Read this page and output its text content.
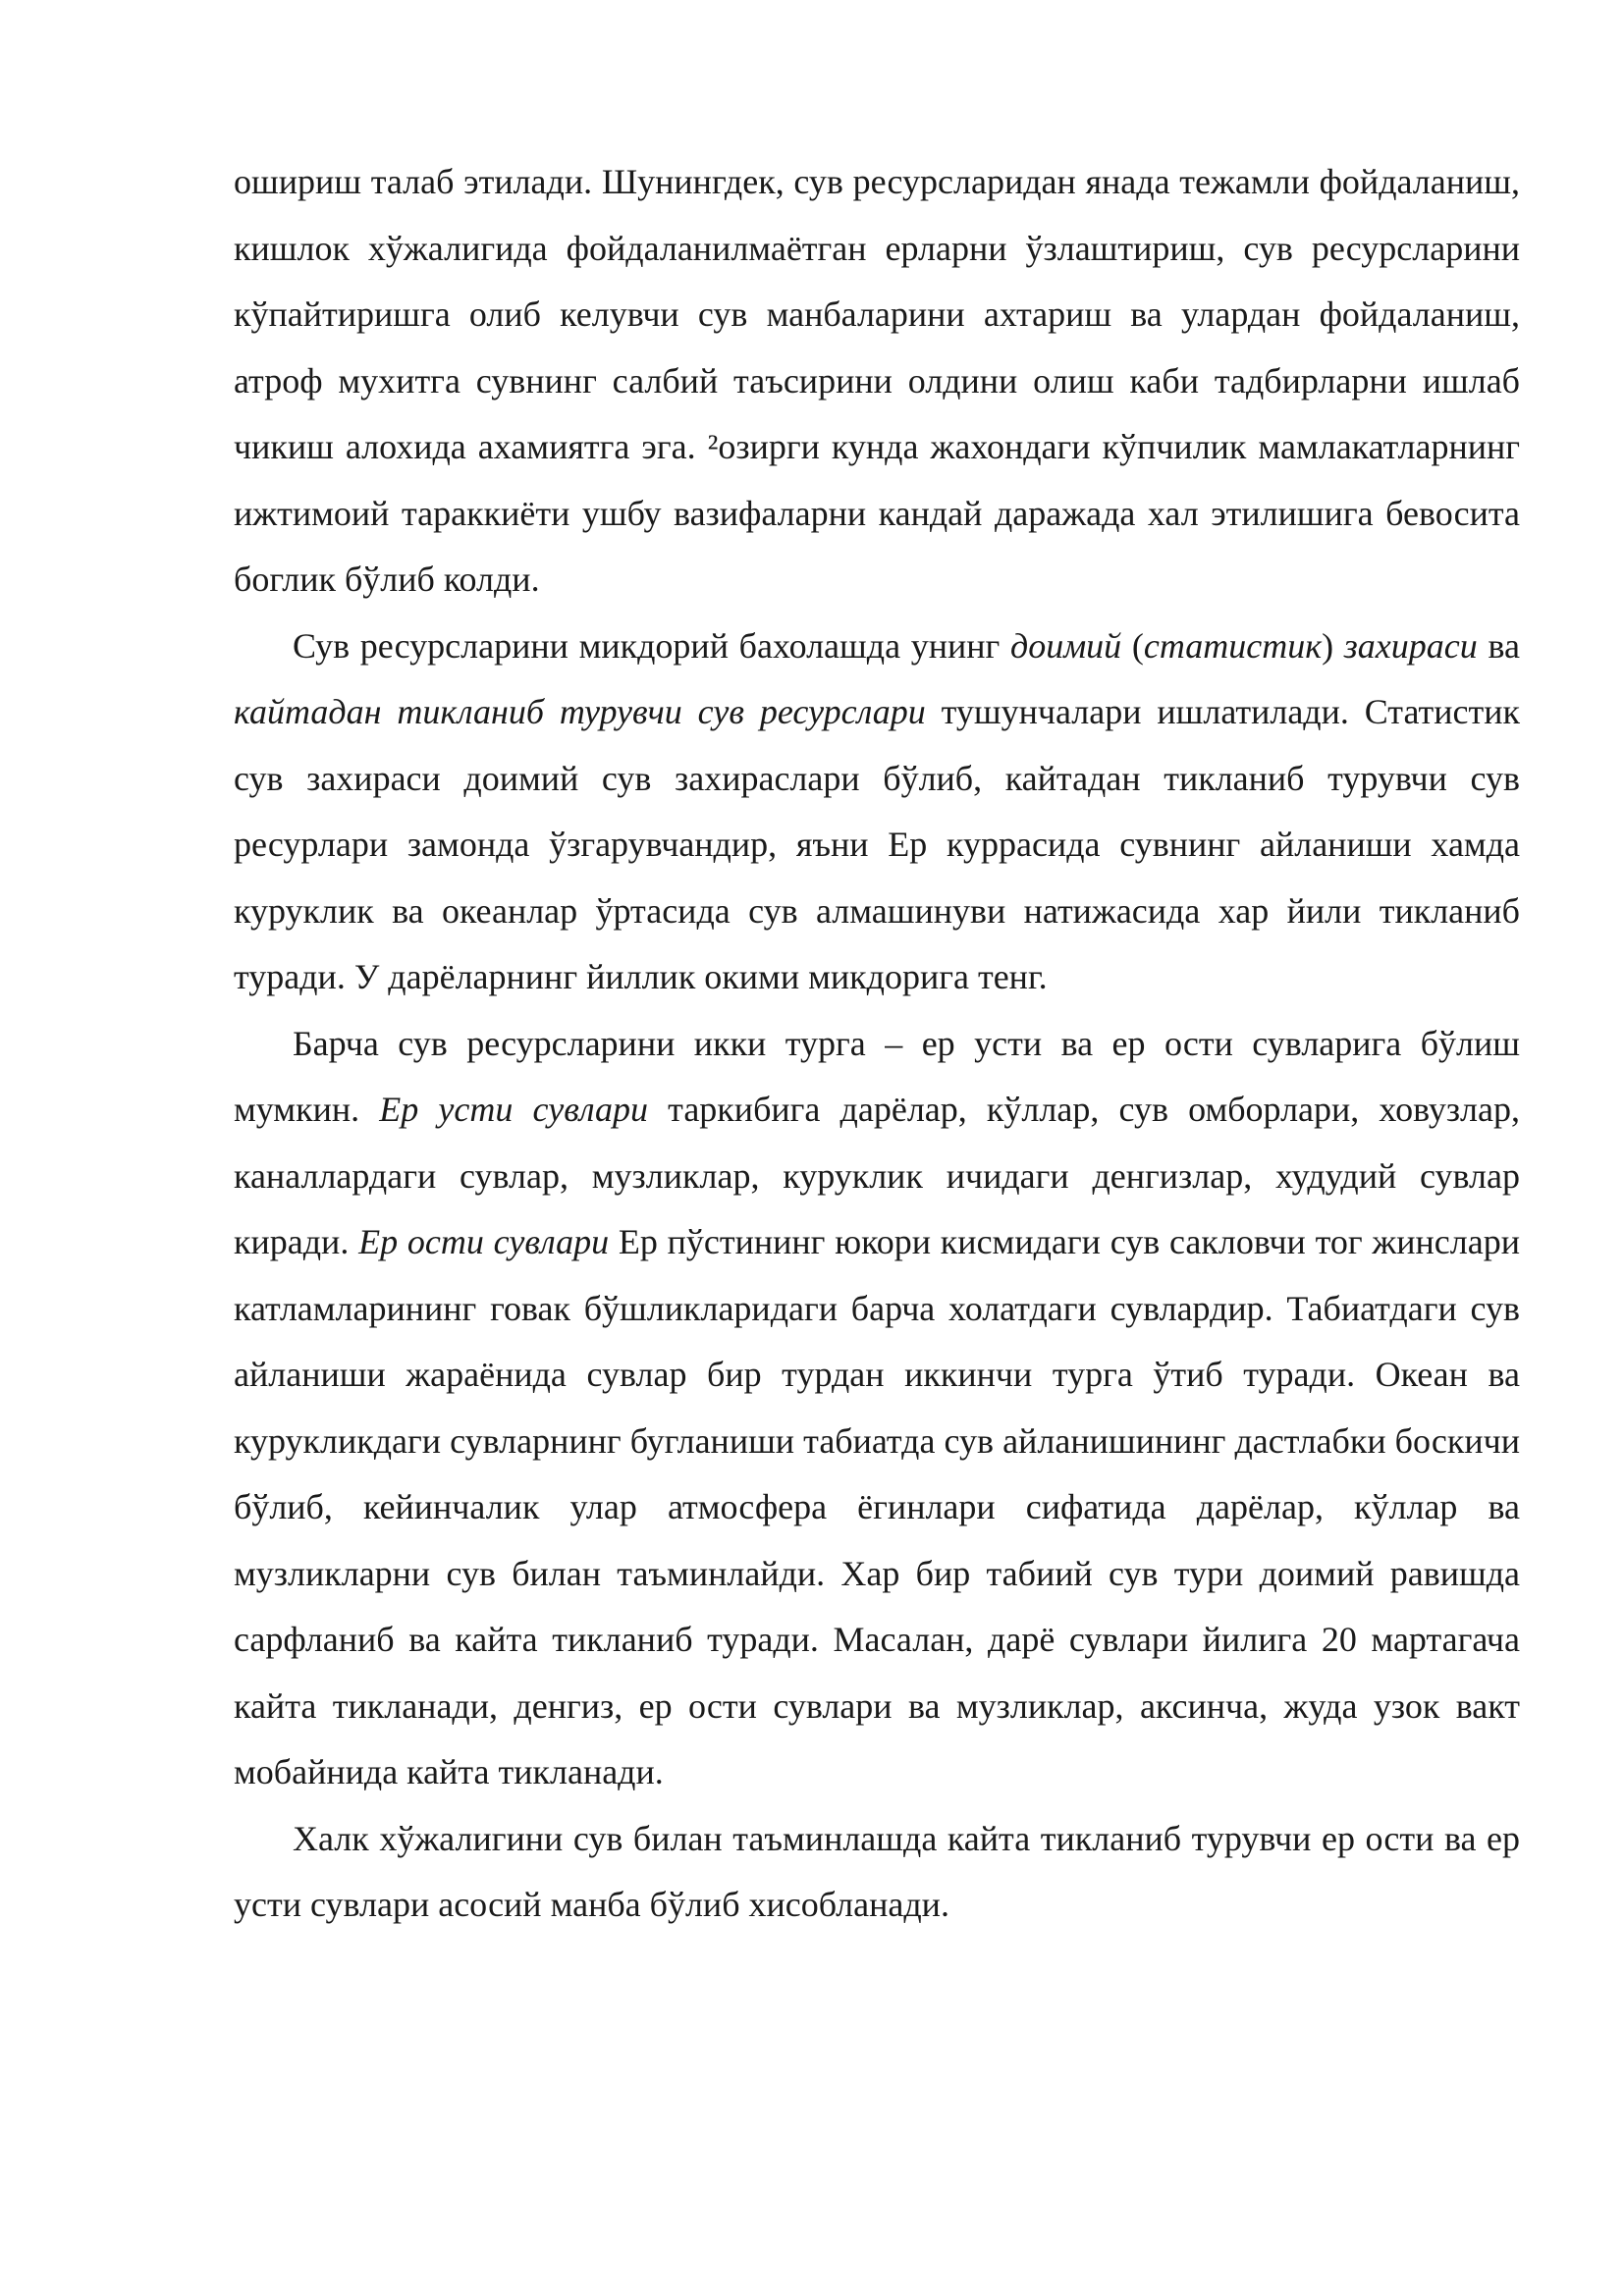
ошириш талаб этилади. Шунингдек, сув ресурсларидан янада тежамли фойдаланиш, кишлок хўжалигида фойдаланилмаётган ерларни ўзлаштириш, сув ресурсларини кўпайтиришга олиб келувчи сув манбаларини ахтариш ва улардан фойдаланиш, атроф мухитга сувнинг салбий таъсирини олдини олиш каби тадбирларни ишлаб чикиш алохида ахамиятга эга. ²озирги кунда жахондаги кўпчилик мамлакатларнинг ижтимоий тараккиёти ушбу вазифаларни кандай даражада хал этилишига бевосита боглик бўлиб колди.

Сув ресурсларини микдорий бахолашда унинг доимий (статистик) захираси ва кайтадан тикланиб турувчи сув ресурслари тушунчалари ишлатилади. Статистик сув захираси доимий сув захираслари бўлиб, кайтадан тикланиб турувчи сув ресурлари замонда ўзгарувчандир, яъни Ер куррасида сувнинг айланиши хамда куруклик ва океанлар ўртасида сув алмашинуви натижасида хар йили тикланиб туради. У дарёларнинг йиллик окими микдорига тенг.

Барча сув ресурсларини икки турга – ер усти ва ер ости сувларига бўлиш мумкин. Ер усти сувлари таркибига дарёлар, кўллар, сув омборлари, ховузлар, каналлардаги сувлар, музликлар, куруклик ичидаги денгизлар, худудий сувлар киради. Ер ости сувлари Ер пўстининг юкори кисмидаги сув сакловчи тог жинслари катламларининг говак бўшликларидаги барча холатдаги сувлардир. Табиатдаги сув айланиши жараёнида сувлар бир турдан иккинчи турга ўтиб туради. Океан ва курукликдаги сувларнинг бугланиши табиатда сув айланишининг дастлабки боскичи бўлиб, кейинчалик улар атмосфера ёгинлари сифатида дарёлар, кўллар ва музликларни сув билан таъминлайди. Хар бир табиий сув тури доимий равишда сарфланиб ва кайта тикланиб туради. Масалан, дарё сувлари йилига 20 мартагача кайта тикланади, денгиз, ер ости сувлари ва музликлар, аксинча, жуда узок вакт мобайнида кайта тикланади.

Халк хўжалигини сув билан таъминлашда кайта тикланиб турувчи ер ости ва ер усти сувлари асосий манба бўлиб хисобланади.
